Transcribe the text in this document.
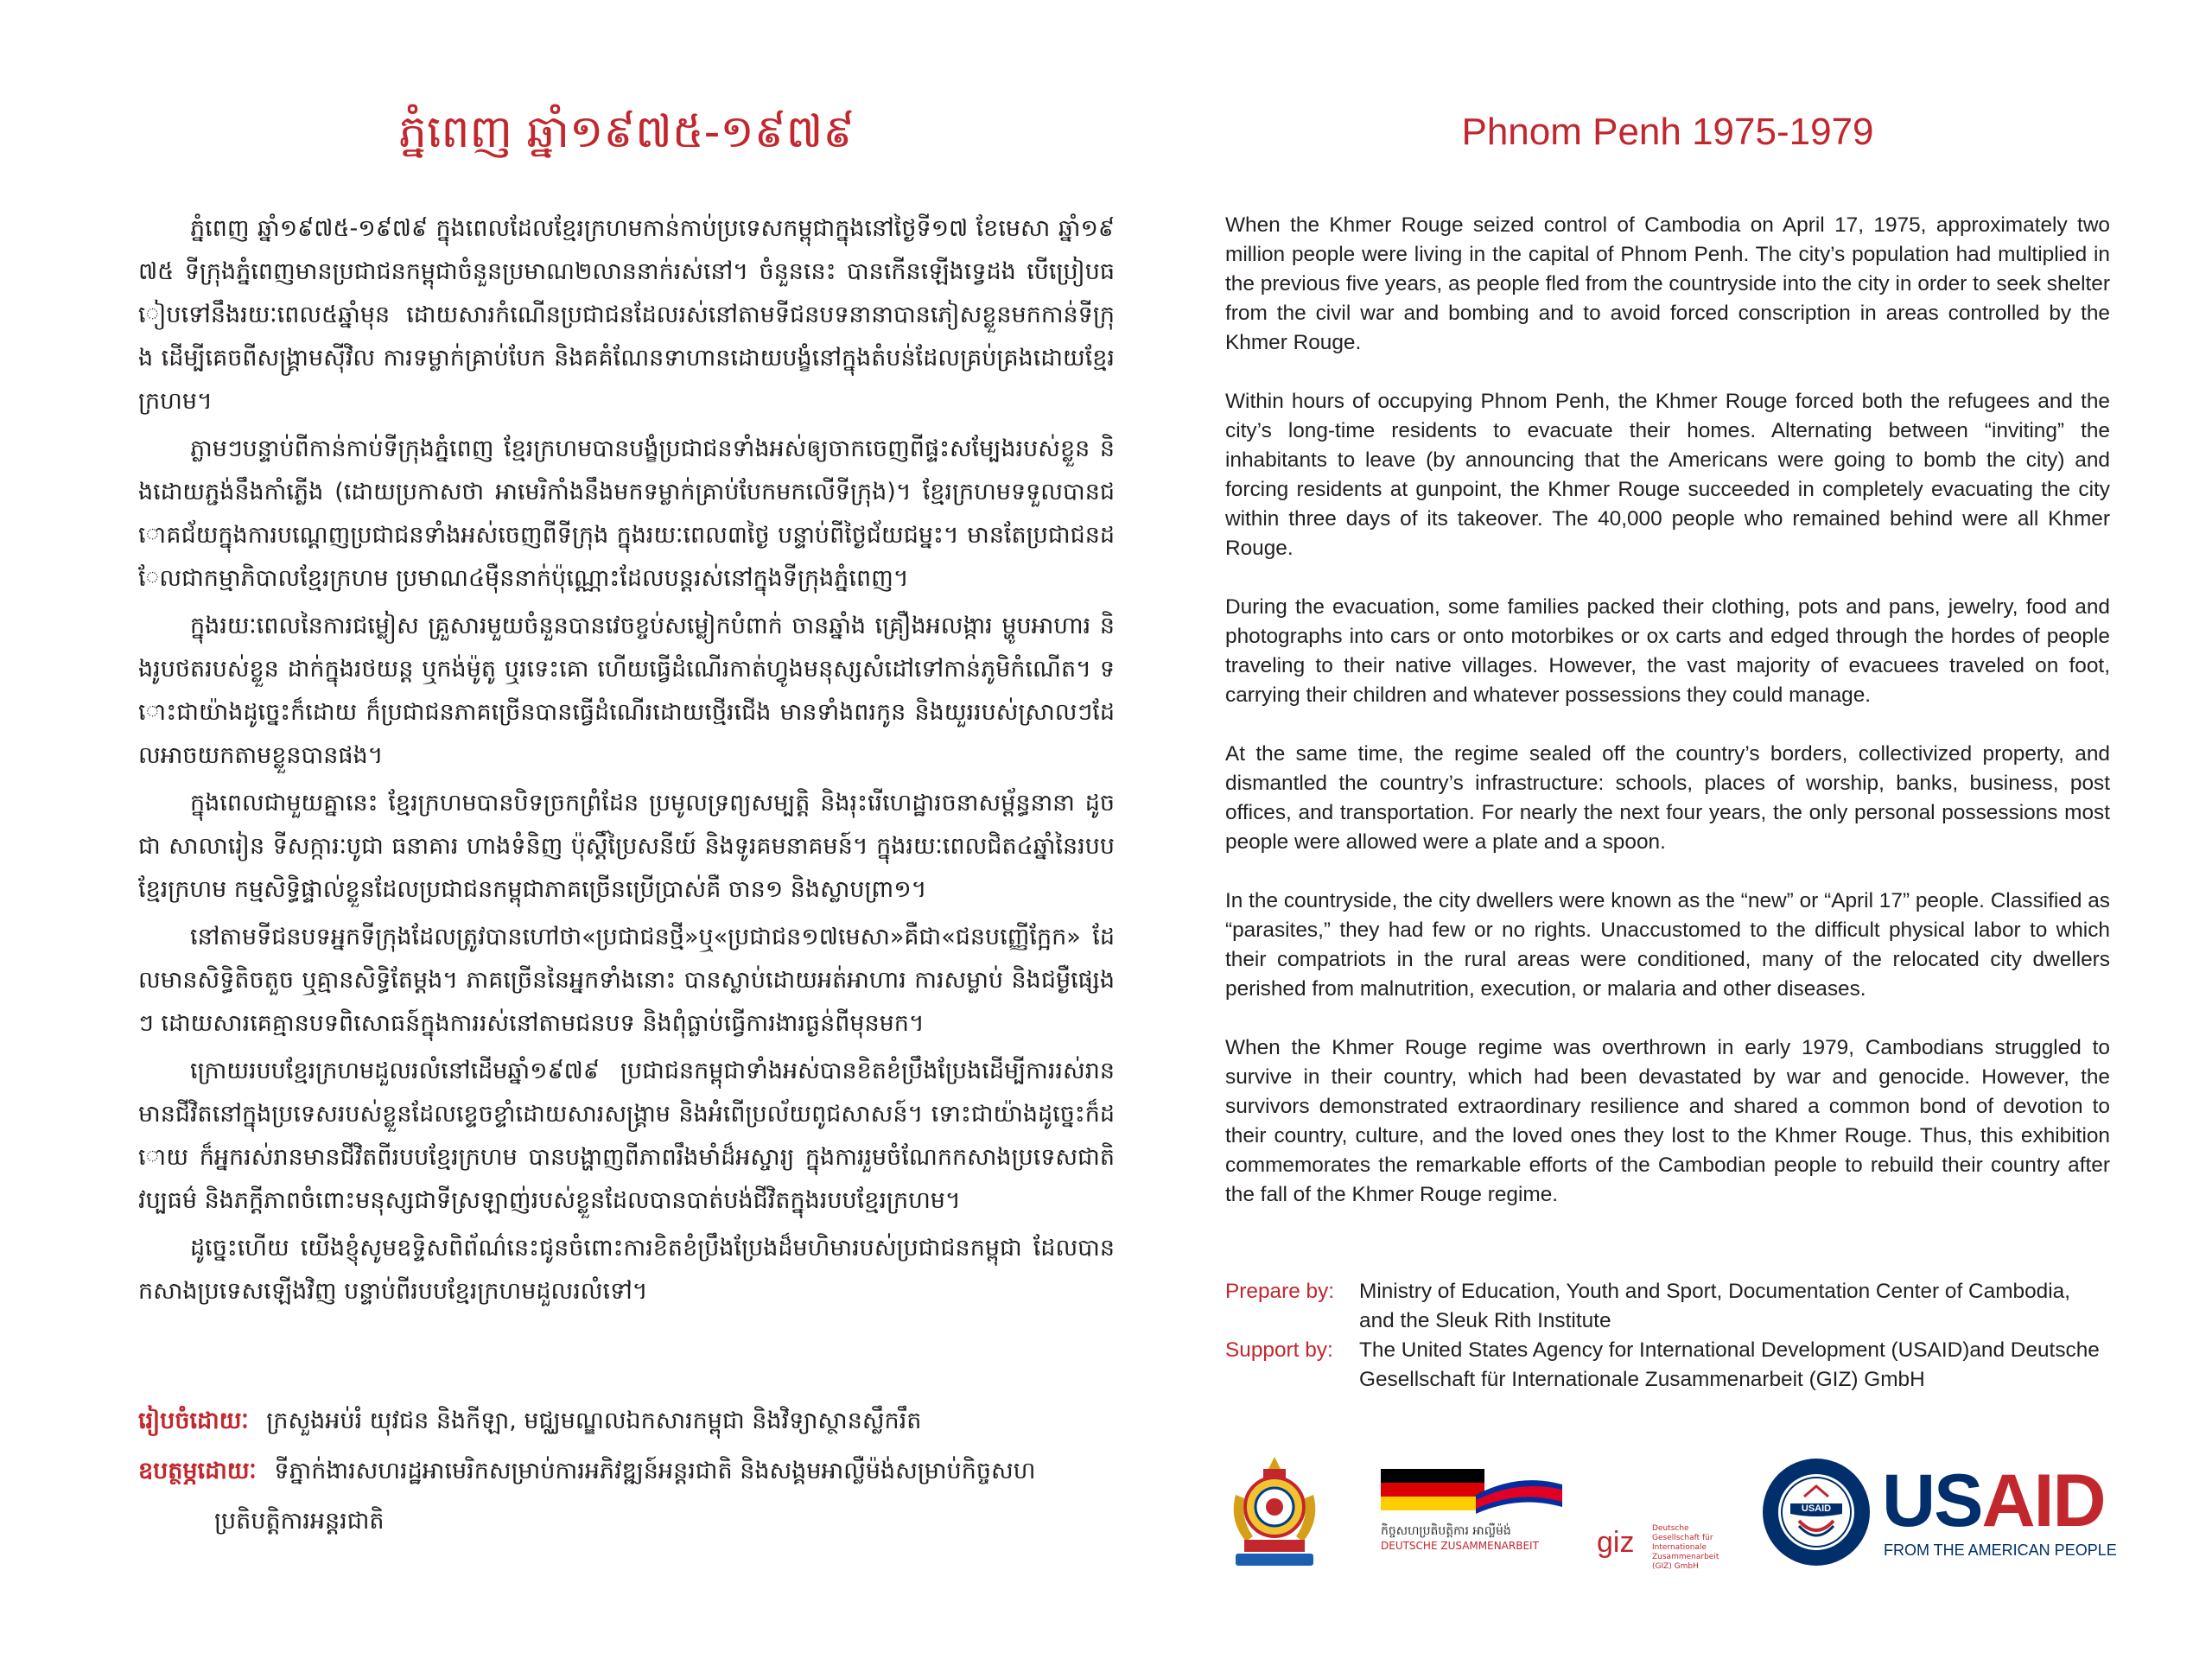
ភ្នំពេញ ឆ្នាំ១៩៧៥-១៩៧៩

ភ្នំពេញ ឆ្នាំ១៩៧៥-១៩៧៩ ក្នុងពេលដែលខ្មែរក្រហមកាន់កាប់ប្រទេសកម្ពុជាក្នុងនៅថ្ងៃទី១៧ ខែមេសា ឆ្នាំ១៩៧៥ ទីក្រុងភ្នំពេញមានប្រជាជនកម្ពុជាចំនួនប្រមាណ២លាននាក់រស់នៅ។ ចំនួននេះ បានកើនឡើងទ្វេដង បើប្រៀបធៀបទៅនឹងរយៈពេល៥ឆ្នាំមុន ដោយសារកំណើនប្រជាជនដែលរស់នៅតាមទីជនបទនានាបានភៀសខ្លួនមកកាន់ទីក្រុង ដើម្បីគេចពីសង្គ្រាមស៊ីវិល ការទម្លាក់គ្រាប់បែក និងគគំណែនទាហានដោយបង្ខំនៅក្នុងតំបន់ដែលគ្រប់គ្រងដោយខ្មែរក្រហម។

ភ្លាមៗបន្ទាប់ពីកាន់កាប់ទីក្រុងភ្នំពេញ ខ្មែរក្រហមបានបង្ខំប្រជាជនទាំងអស់ឲ្យចាកចេញពីផ្ទះសម្បែងរបស់ខ្លួន និងដោយភ្ជង់នឹងកាំភ្លើង (ដោយប្រកាសថា អាមេរិកាំងនឹងមកទម្លាក់គ្រាប់បែកមកលើទីក្រុង)។ ខ្មែរក្រហមទទួលបានជោគជ័យក្នុងការបណ្តេញប្រជាជនទាំងអស់ចេញពីទីក្រុង ក្នុងរយៈពេល៣ថ្ងៃ បន្ទាប់ពីថ្ងៃជ័យជម្នះ។ មានតែប្រជាជនដែលជាកម្មាភិបាលខ្មែរក្រហម ប្រមាណ៤ម៉ឺននាក់ប៉ុណ្ណោះដែលបន្តរស់នៅក្នុងទីក្រុងភ្នំពេញ។

ក្នុងរយៈពេលនៃការជម្លៀស គ្រួសារមួយចំនួនបានវេចខ្ចប់សម្លៀកបំពាក់ ចានឆ្នាំង គ្រឿងអលង្ការ ម្ហូបអាហារ និងរូបថតរបស់ខ្លួន ដាក់ក្នុងរថយន្ត ឬកង់ម៉ូតូ ឬរទេះគោ ហើយធ្វើដំណើរកាត់ហ្វូងមនុស្សសំដៅទៅកាន់ភូមិកំណើត។ ទោះជាយ៉ាងដូច្នេះក៏ដោយ ក៏ប្រជាជនភាគច្រើនបានធ្វើដំណើរដោយថ្មើរជើង មានទាំងពរកូន និងយួររបស់ស្រាលៗដែលអាចយកតាមខ្លួនបានផង។

ក្នុងពេលជាមួយគ្នានេះ ខ្មែរក្រហមបានបិទច្រកព្រំដែន ប្រមូលទ្រព្យសម្បត្តិ និងរុះរើហេដ្ឋារចនាសម្ព័ន្ធនានា ដូចជា សាលារៀន ទីសក្ការៈបូជា ធនាគារ ហាងទំនិញ ប៉ុស្តិ៍ប្រៃសនីយ៍ និងទូរគមនាគមន៍។ ក្នុងរយៈពេលជិត៤ឆ្នាំនៃរបបខ្មែរក្រហម កម្មសិទ្ធិផ្ទាល់ខ្លួនដែលប្រជាជនកម្ពុជាភាគច្រើនប្រើប្រាស់គឺ ចាន១ និងស្លាបព្រា១។

នៅតាមទីជនបទអ្នកទីក្រុងដែលត្រូវបានហៅថា«ប្រជាជនថ្មី»ឬ«ប្រជាជន១៧មេសា»គឺជា«ជនបញ្ញើក្អែក» ដែលមានសិទ្ធិតិចតួច ឬគ្មានសិទ្ធិតែម្តង។ ភាគច្រើននៃអ្នកទាំងនោះ បានស្លាប់ដោយអត់អាហារ ការសម្លាប់ និងជម្ងឺផ្សេងៗ ដោយសារគេគ្មានបទពិសោធន៍ក្នុងការរស់នៅតាមជនបទ និងពុំធ្លាប់ធ្វើការងារធ្ងន់ពីមុនមក។

ក្រោយរបបខ្មែរក្រហមដួលរលំនៅដើមឆ្នាំ១៩៧៩ ប្រជាជនកម្ពុជាទាំងអស់បានខិតខំប្រឹងប្រែងដើម្បីការរស់រានមានជីវិតនៅក្នុងប្រទេសរបស់ខ្លួនដែលខ្ទេចខ្ទាំដោយសារសង្គ្រាម និងអំពើប្រល័យពូជសាសន៍។ ទោះជាយ៉ាងដូច្នេះក៏ដោយ ក៏អ្នករស់រានមានជីវិតពីរបបខ្មែរក្រហម បានបង្ហាញពីភាពរឹងមាំដ៏អស្ចារ្យ ក្នុងការរួមចំណែកកសាងប្រទេសជាតិ វប្បធម៌ និងភក្តីភាពចំពោះមនុស្សជាទីស្រឡាញ់របស់ខ្លួនដែលបានបាត់បង់ជីវិតក្នុងរបបខ្មែរក្រហម។

ដូច្នេះហើយ យើងខ្ញុំសូមឧទ្ទិសពិព័ណ៌នេះជូនចំពោះការខិតខំប្រឹងប្រែងដ៏មហិមារបស់ប្រជាជនកម្ពុជា ដែលបានកសាងប្រទេសឡើងវិញ បន្ទាប់ពីរបបខ្មែរក្រហមដួលរលំទៅ។

រៀបចំដោយៈ ក្រសួងអប់រំ យុវជន និងកីឡា, មជ្ឈមណ្ឌលឯកសារកម្ពុជា និងវិទ្យាស្ថានស្លឹករឹត
ឧបត្ថម្ភដោយៈ ទីភ្នាក់ងារសហរដ្ឋអាមេរិកសម្រាប់ការអភិវឌ្ឍន៍អន្តរជាតិ និងសង្គមអាល្លឺម៉ង់សម្រាប់កិច្ចសហ
ប្រតិបត្តិការអន្តរជាតិ
Phnom Penh 1975-1979

When the Khmer Rouge seized control of Cambodia on April 17, 1975, approximately two million people were living in the capital of Phnom Penh. The city’s population had multiplied in the previous five years, as people fled from the countryside into the city in order to seek shelter from the civil war and bombing and to avoid forced conscription in areas controlled by the Khmer Rouge.

Within hours of occupying Phnom Penh, the Khmer Rouge forced both the refugees and the city’s long-time residents to evacuate their homes. Alternating between “inviting” the inhabitants to leave (by announcing that the Americans were going to bomb the city) and forcing residents at gunpoint, the Khmer Rouge succeeded in completely evacuating the city within three days of its takeover. The 40,000 people who remained behind were all Khmer Rouge.

During the evacuation, some families packed their clothing, pots and pans, jewelry, food and photographs into cars or onto motorbikes or ox carts and edged through the hordes of people traveling to their native villages. However, the vast majority of evacuees traveled on foot, carrying their children and whatever possessions they could manage.

At the same time, the regime sealed off the country’s borders, collectivized property, and dismantled the country’s infrastructure: schools, places of worship, banks, business, post offices, and transportation. For nearly the next four years, the only personal possessions most people were allowed were a plate and a spoon.

In the countryside, the city dwellers were known as the “new” or “April 17” people. Classified as “parasites,” they had few or no rights. Unaccustomed to the difficult physical labor to which their compatriots in the rural areas were conditioned, many of the relocated city dwellers perished from malnutrition, execution, or malaria and other diseases.

When the Khmer Rouge regime was overthrown in early 1979, Cambodians struggled to survive in their country, which had been devastated by war and genocide. However, the survivors demonstrated extraordinary resilience and shared a common bond of devotion to their country, culture, and the loved ones they lost to the Khmer Rouge. Thus, this exhibition commemorates the remarkable efforts of the Cambodian people to rebuild their country after the fall of the Khmer Rouge regime.

Prepare by:	Ministry of Education, Youth and Sport, Documentation Center of Cambodia, and the Sleuk Rith Institute
Support by:	The United States Agency for International Development (USAID)and Deutsche Gesellschaft für Internationale Zusammenarbeit (GIZ) GmbH
កិច្ចសហប្រតិបត្តិការ អាល្លឺម៉ង់
DEUTSCHE ZUSAMMENARBEIT giz Deutsche Gesellschaft für Internationale Zusammenarbeit (GIZ) GmbH
USAID USAID
FROM THE AMERICAN PEOPLE
